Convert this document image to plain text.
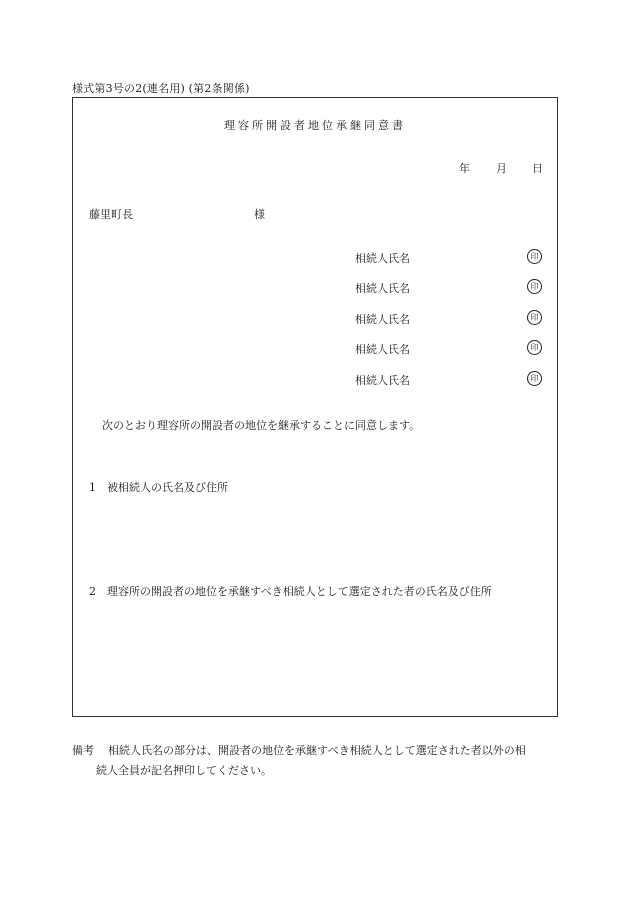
様式第3号の2(連名用) (第2条関係)
理容所開設者地位承継同意書
年 月 日
藤里町長	様
相続人氏名	印
相続人氏名	印
相続人氏名	印
相続人氏名	印
相続人氏名	印
次のとおり理容所の開設者の地位を継承することに同意します。
1 被相続人の氏名及び住所
2 理容所の開設者の地位を承継すべき相続人として選定された者の氏名及び住所
備考 相続人氏名の部分は、開設者の地位を承継すべき相続人として選定された者以外の相
続人全員が記名押印してください。
